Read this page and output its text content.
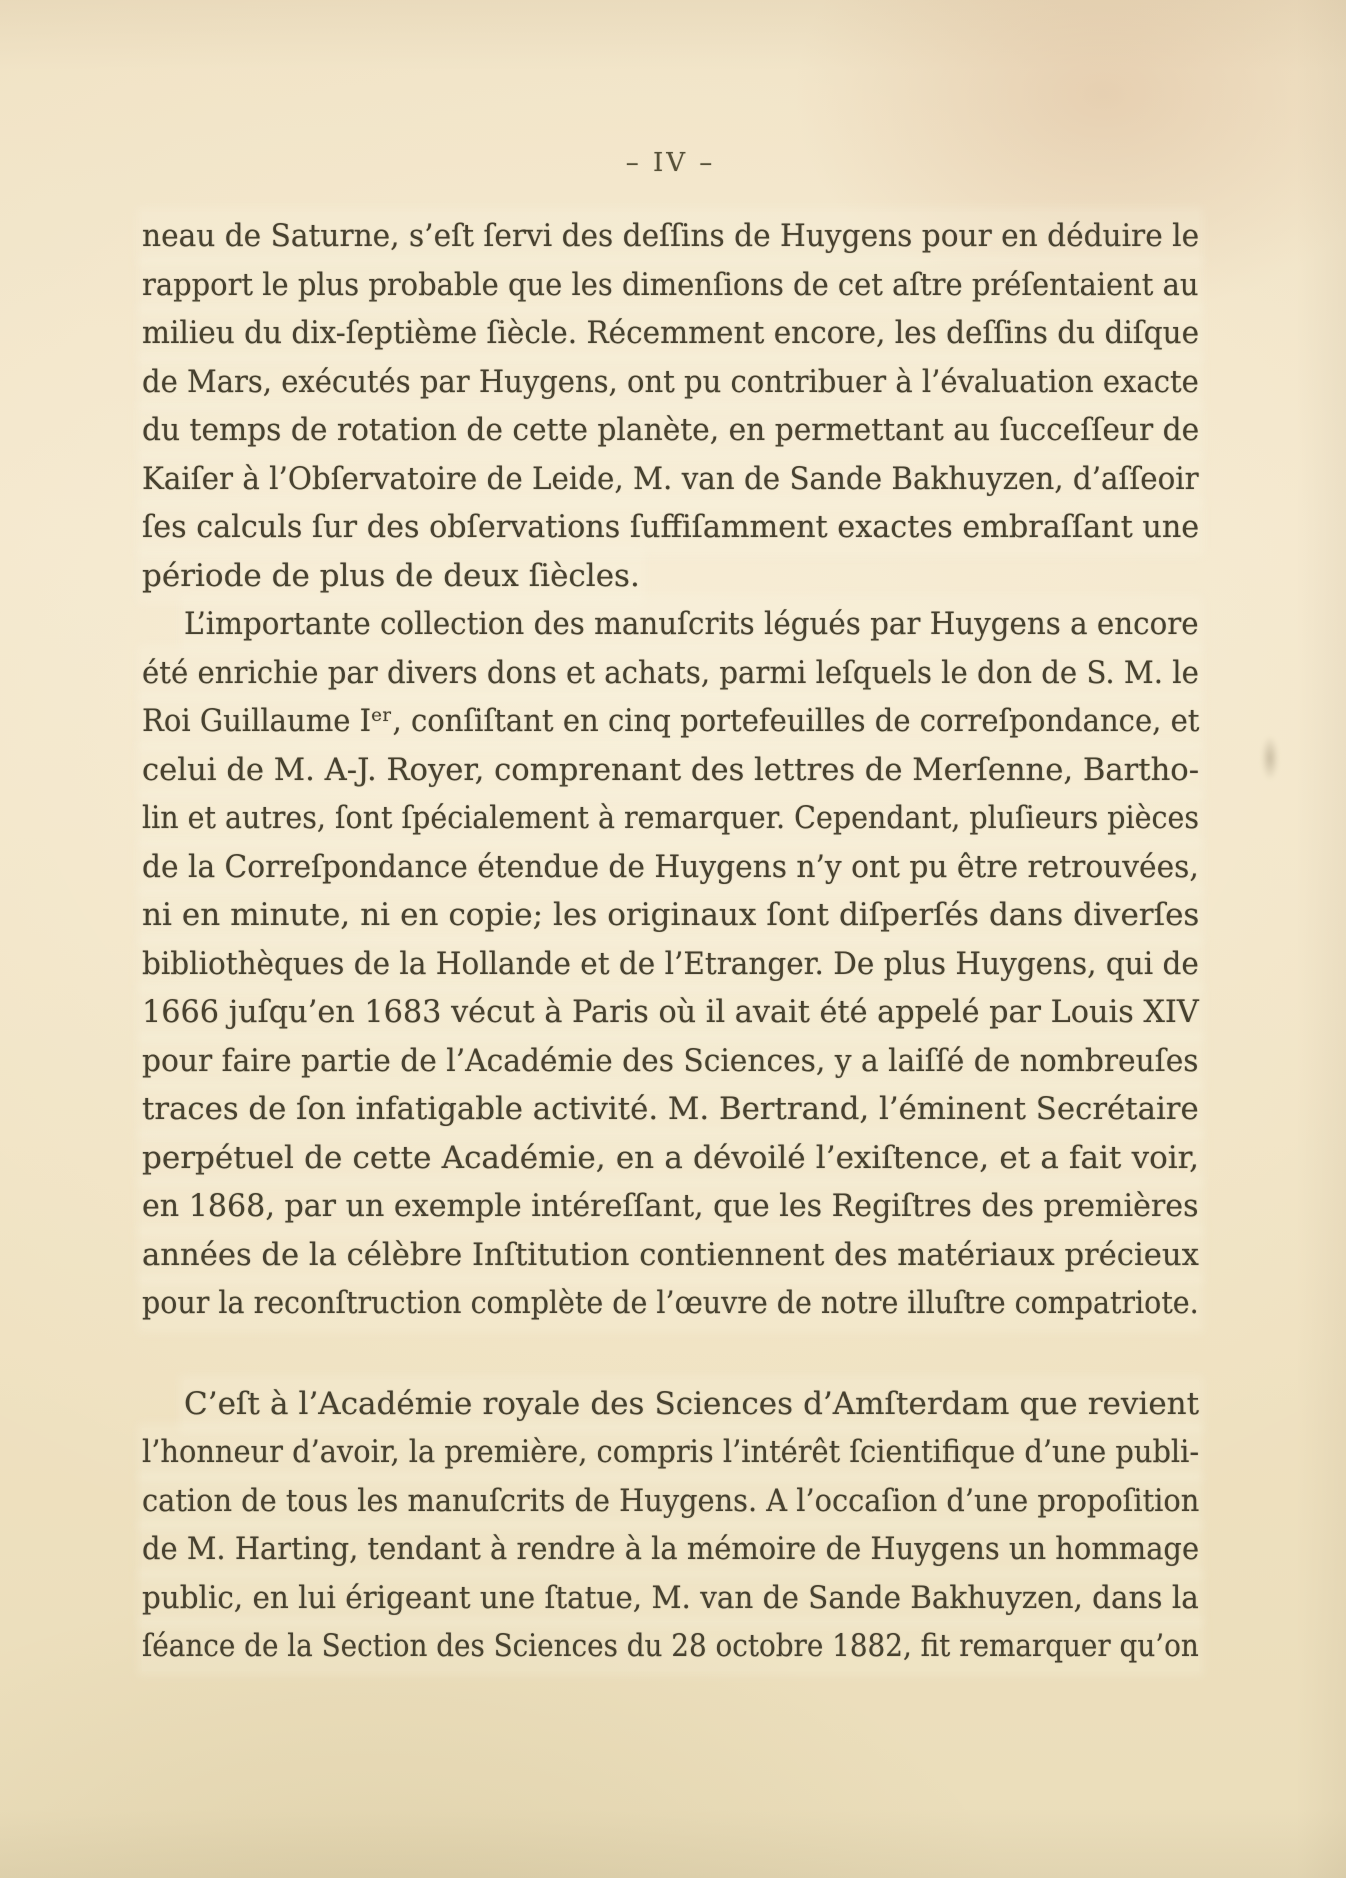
– IV –
neau de Saturne, s’eſt ſervi des deſſins de Huygens pour en déduire le
rapport le plus probable que les dimenſions de cet aſtre préſentaient au
milieu du dix-ſeptième ſiècle. Récemment encore, les deſſins du diſque
de Mars, exécutés par Huygens, ont pu contribuer à l’évaluation exacte
du temps de rotation de cette planète, en permettant au ſucceſſeur de
Kaiſer à l’Obſervatoire de Leide, M. van de Sande Bakhuyzen, d’aſſeoir
ſes calculs ſur des obſervations ſuffiſamment exactes embraſſant une
période de plus de deux ſiècles.
L’importante collection des manuſcrits légués par Huygens a encore
été enrichie par divers dons et achats, parmi leſquels le don de S. M. le
Roi Guillaume Iᵉʳ, conſiſtant en cinq portefeuilles de correſpondance, et
celui de M. A-J. Royer, comprenant des lettres de Merſenne, Bartho-
lin et autres, ſont ſpécialement à remarquer. Cependant, pluſieurs pièces
de la Correſpondance étendue de Huygens n’y ont pu être retrouvées,
ni en minute, ni en copie; les originaux ſont diſperſés dans diverſes
bibliothèques de la Hollande et de l’Etranger. De plus Huygens, qui de
1666 juſqu’en 1683 vécut à Paris où il avait été appelé par Louis XIV
pour faire partie de l’Académie des Sciences, y a laiſſé de nombreuſes
traces de ſon infatigable activité. M. Bertrand, l’éminent Secrétaire
perpétuel de cette Académie, en a dévoilé l’exiſtence, et a fait voir,
en 1868, par un exemple intéreſſant, que les Regiſtres des premières
années de la célèbre Inſtitution contiennent des matériaux précieux
pour la reconſtruction complète de l’œuvre de notre illuſtre compatriote.
C’eſt à l’Académie royale des Sciences d’Amſterdam que revient
l’honneur d’avoir, la première, compris l’intérêt ſcientifique d’une publi-
cation de tous les manuſcrits de Huygens. A l’occaſion d’une propoſition
de M. Harting, tendant à rendre à la mémoire de Huygens un hommage
public, en lui érigeant une ſtatue, M. van de Sande Bakhuyzen, dans la
ſéance de la Section des Sciences du 28 octobre 1882, fit remarquer qu’on
